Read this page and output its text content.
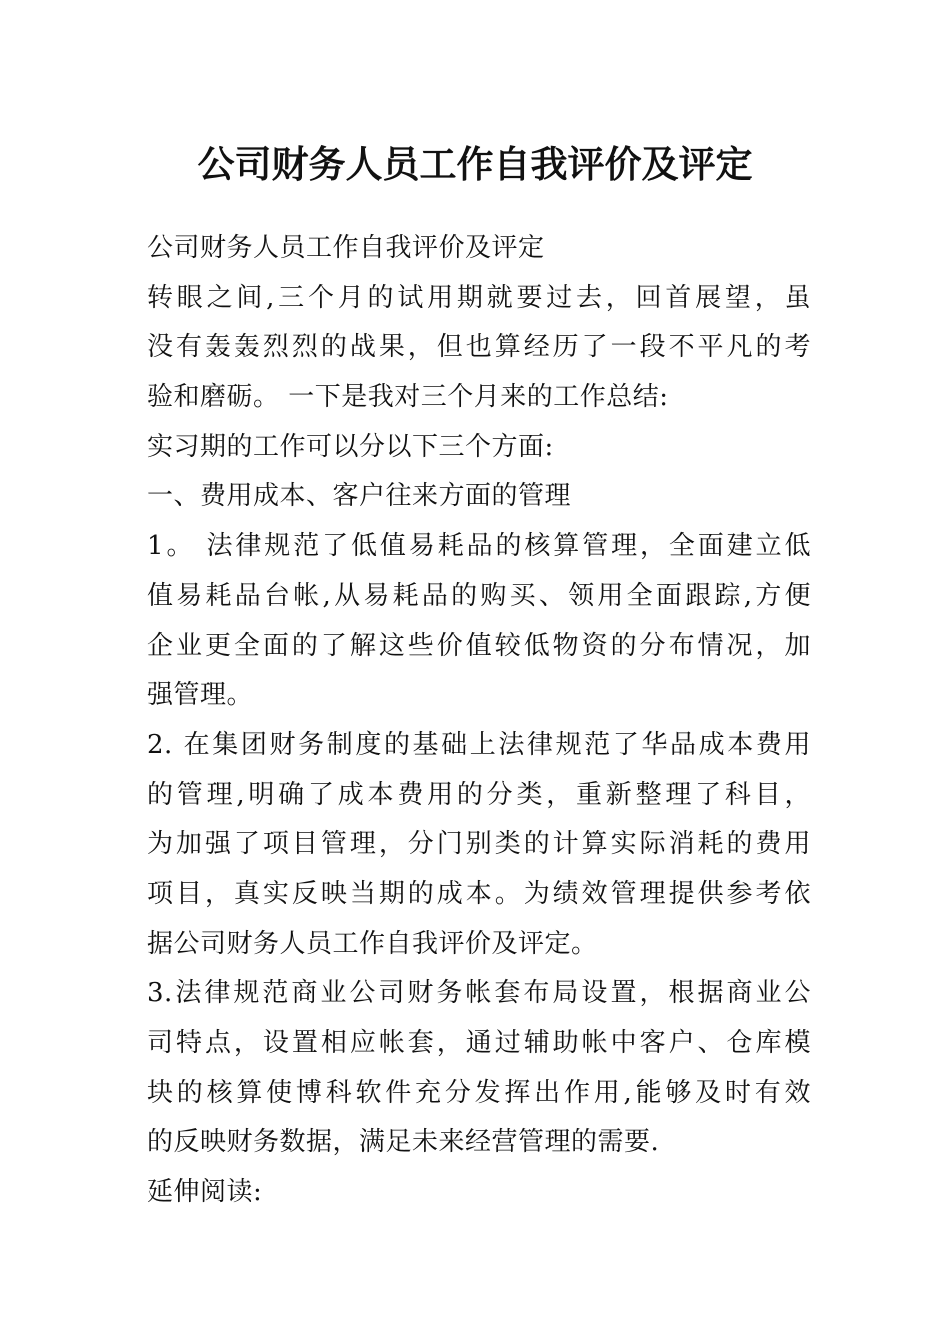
公司财务人员工作自我评价及评定
公司财务人员工作自我评价及评定
转眼之间,三个月的试用期就要过去，回首展望，虽
没有轰轰烈烈的战果，但也算经历了一段不平凡的考
验和磨砺。 一下是我对三个月来的工作总结:
实习期的工作可以分以下三个方面:
一、费用成本、客户往来方面的管理
1。 法律规范了低值易耗品的核算管理，全面建立低
值易耗品台帐,从易耗品的购买、领用全面跟踪,方便
企业更全面的了解这些价值较低物资的分布情况，加
强管理。
2. 在集团财务制度的基础上法律规范了华品成本费用
的管理,明确了成本费用的分类，重新整理了科目，
为加强了项目管理，分门别类的计算实际消耗的费用
项目，真实反映当期的成本。为绩效管理提供参考依
据公司财务人员工作自我评价及评定。
3.法律规范商业公司财务帐套布局设置，根据商业公
司特点，设置相应帐套，通过辅助帐中客户、仓库模
块的核算使博科软件充分发挥出作用,能够及时有效
的反映财务数据，满足未来经营管理的需要.
延伸阅读:
